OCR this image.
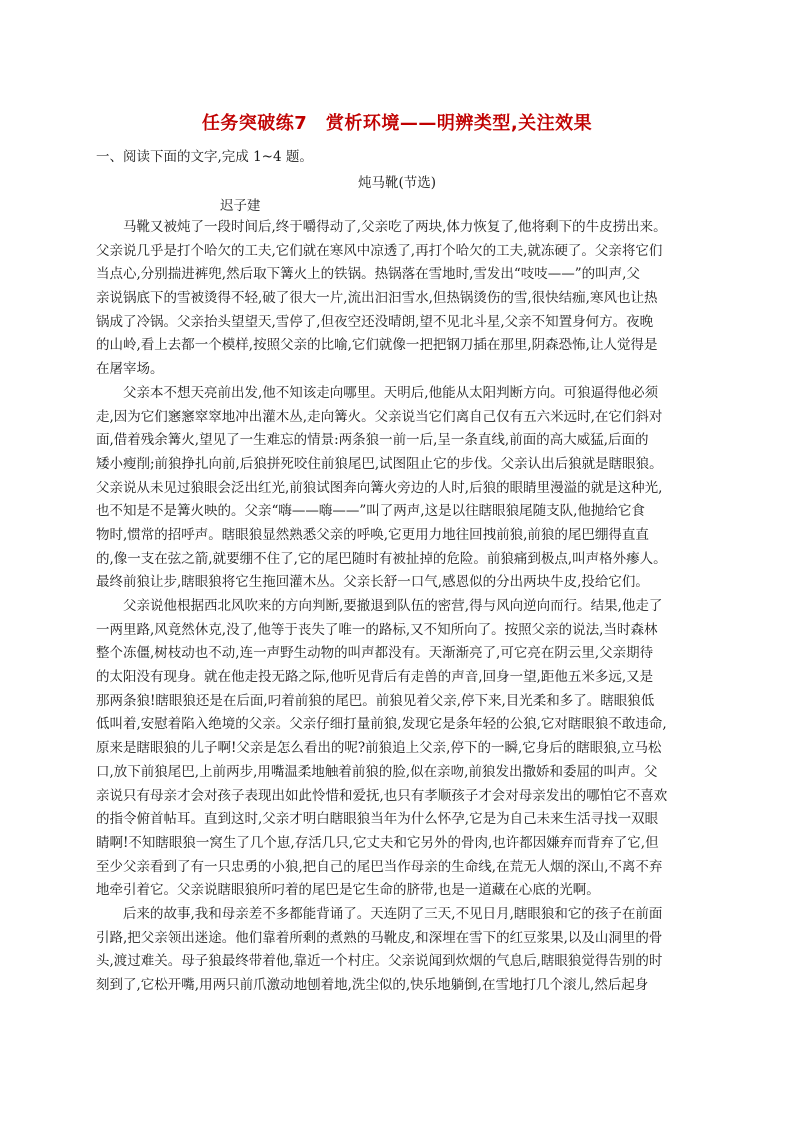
任务突破练7　赏析环境——明辨类型,关注效果
一、阅读下面的文字,完成 1~4 题。
炖马靴(节选)
迟子建
马靴又被炖了一段时间后,终于嚼得动了,父亲吃了两块,体力恢复了,他将剩下的牛皮捞出来。
父亲说几乎是打个哈欠的工夫,它们就在寒风中凉透了,再打个哈欠的工夫,就冻硬了。父亲将它们
当点心,分别揣进裤兜,然后取下篝火上的铁锅。热锅落在雪地时,雪发出“吱吱——”的叫声,父
亲说锅底下的雪被烫得不轻,破了很大一片,流出汩汩雪水,但热锅烫伤的雪,很快结痂,寒风也让热
锅成了冷锅。父亲抬头望望天,雪停了,但夜空还没晴朗,望不见北斗星,父亲不知置身何方。夜晚
的山岭,看上去都一个模样,按照父亲的比喻,它们就像一把把钢刀插在那里,阴森恐怖,让人觉得是
在屠宰场。
父亲本不想天亮前出发,他不知该走向哪里。天明后,他能从太阳判断方向。可狼逼得他必须
走,因为它们窸窸窣窣地冲出灌木丛,走向篝火。父亲说当它们离自己仅有五六米远时,在它们斜对
面,借着残余篝火,望见了一生难忘的情景:两条狼一前一后,呈一条直线,前面的高大威猛,后面的
矮小瘦削;前狼挣扎向前,后狼拼死咬住前狼尾巴,试图阻止它的步伐。父亲认出后狼就是瞎眼狼。
父亲说从未见过狼眼会泛出红光,前狼试图奔向篝火旁边的人时,后狼的眼睛里漫溢的就是这种光,
也不知是不是篝火映的。父亲“嗨——嗨——”叫了两声,这是以往瞎眼狼尾随支队,他抛给它食
物时,惯常的招呼声。瞎眼狼显然熟悉父亲的呼唤,它更用力地往回拽前狼,前狼的尾巴绷得直直
的,像一支在弦之箭,就要绷不住了,它的尾巴随时有被扯掉的危险。前狼痛到极点,叫声格外瘆人。
最终前狼让步,瞎眼狼将它生拖回灌木丛。父亲长舒一口气,感恩似的分出两块牛皮,投给它们。
父亲说他根据西北风吹来的方向判断,要撤退到队伍的密营,得与风向逆向而行。结果,他走了
一两里路,风竟然休克,没了,他等于丧失了唯一的路标,又不知所向了。按照父亲的说法,当时森林
整个冻僵,树枝动也不动,连一声野生动物的叫声都没有。天渐渐亮了,可它亮在阴云里,父亲期待
的太阳没有现身。就在他走投无路之际,他听见背后有走兽的声音,回身一望,距他五米多远,又是
那两条狼!瞎眼狼还是在后面,叼着前狼的尾巴。前狼见着父亲,停下来,目光柔和多了。瞎眼狼低
低叫着,安慰着陷入绝境的父亲。父亲仔细打量前狼,发现它是条年轻的公狼,它对瞎眼狼不敢违命,
原来是瞎眼狼的儿子啊!父亲是怎么看出的呢?前狼追上父亲,停下的一瞬,它身后的瞎眼狼,立马松
口,放下前狼尾巴,上前两步,用嘴温柔地触着前狼的脸,似在亲吻,前狼发出撒娇和委屈的叫声。父
亲说只有母亲才会对孩子表现出如此怜惜和爱抚,也只有孝顺孩子才会对母亲发出的哪怕它不喜欢
的指令俯首帖耳。直到这时,父亲才明白瞎眼狼当年为什么怀孕,它是为自己未来生活寻找一双眼
睛啊!不知瞎眼狼一窝生了几个崽,存活几只,它丈夫和它另外的骨肉,也许都因嫌弃而背弃了它,但
至少父亲看到了有一只忠勇的小狼,把自己的尾巴当作母亲的生命线,在荒无人烟的深山,不离不弃
地牵引着它。父亲说瞎眼狼所叼着的尾巴是它生命的脐带,也是一道藏在心底的光啊。
后来的故事,我和母亲差不多都能背诵了。天连阴了三天,不见日月,瞎眼狼和它的孩子在前面
引路,把父亲领出迷途。他们靠着所剩的煮熟的马靴皮,和深埋在雪下的红豆浆果,以及山洞里的骨
头,渡过难关。母子狼最终带着他,靠近一个村庄。父亲说闻到炊烟的气息后,瞎眼狼觉得告别的时
刻到了,它松开嘴,用两只前爪激动地刨着地,洗尘似的,快乐地躺倒,在雪地打几个滚儿,然后起身
